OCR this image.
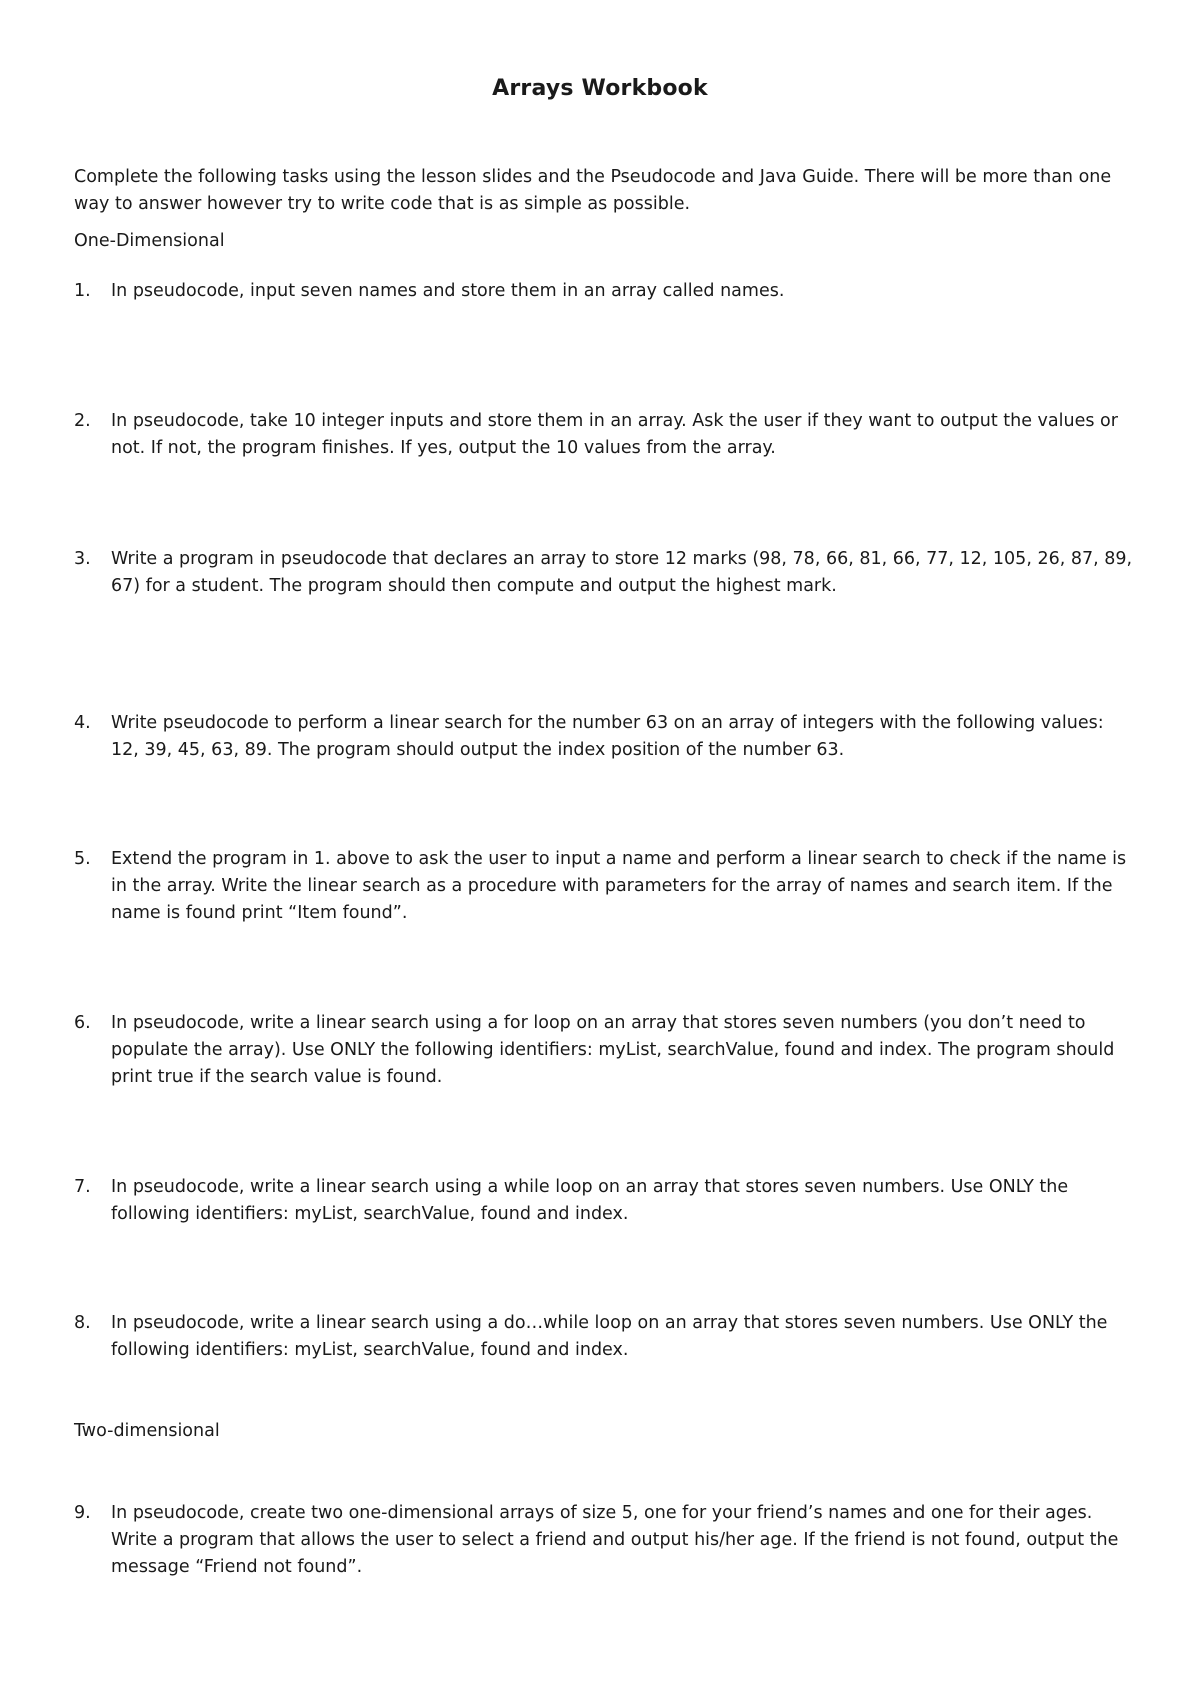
Arrays Workbook
Complete the following tasks using the lesson slides and the Pseudocode and Java Guide. There will be more than one way to answer however try to write code that is as simple as possible.
One-Dimensional
1.	In pseudocode, input seven names and store them in an array called names.
2.	In pseudocode, take 10 integer inputs and store them in an array. Ask the user if they want to output the values or not. If not, the program finishes. If yes, output the 10 values from the array.
3.	Write a program in pseudocode that declares an array to store 12 marks (98, 78, 66, 81, 66, 77, 12, 105, 26, 87, 89, 67) for a student. The program should then compute and output the highest mark.
4.	Write pseudocode to perform a linear search for the number 63 on an array of integers with the following values: 12, 39, 45, 63, 89. The program should output the index position of the number 63.
5.	Extend the program in 1. above to ask the user to input a name and perform a linear search to check if the name is in the array. Write the linear search as a procedure with parameters for the array of names and search item. If the name is found print “Item found”.
6.	In pseudocode, write a linear search using a for loop on an array that stores seven numbers (you don’t need to populate the array). Use ONLY the following identifiers: myList, searchValue, found and index. The program should print true if the search value is found.
7.	In pseudocode, write a linear search using a while loop on an array that stores seven numbers. Use ONLY the following identifiers: myList, searchValue, found and index.
8.	In pseudocode, write a linear search using a do…while loop on an array that stores seven numbers. Use ONLY the following identifiers: myList, searchValue, found and index.
Two-dimensional
9.	In pseudocode, create two one-dimensional arrays of size 5, one for your friend’s names and one for their ages. Write a program that allows the user to select a friend and output his/her age. If the friend is not found, output the message “Friend not found”.
